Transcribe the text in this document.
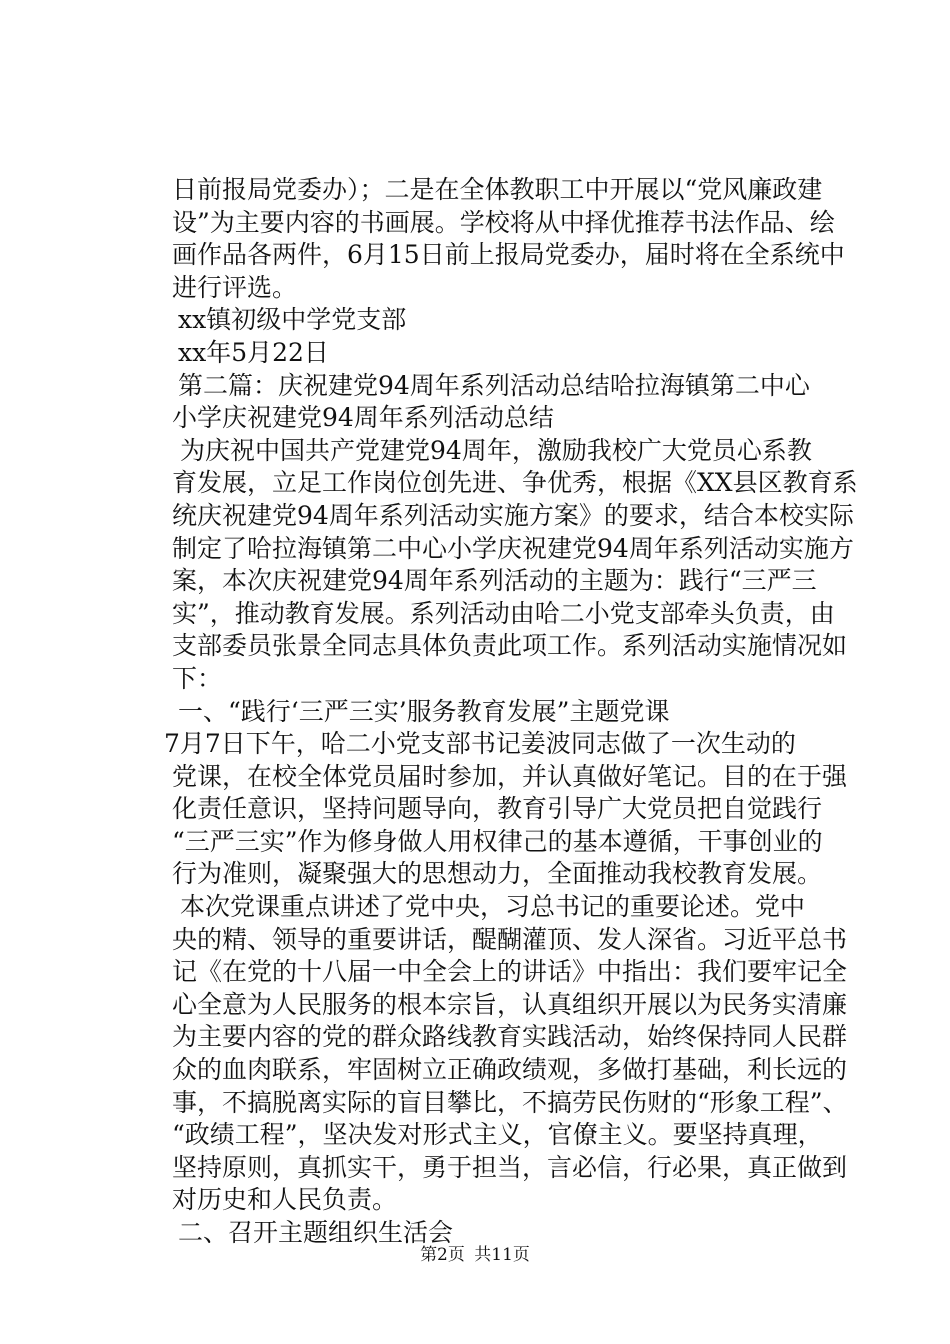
日前报局党委办）；二是在全体教职工中开展以“党风廉政建
设”为主要内容的书画展。学校将从中择优推荐书法作品、绘
画作品各两件，6月15日前上报局党委办，届时将在全系统中
进行评选。
xx镇初级中学党支部
xx年5月22日
第二篇：庆祝建党94周年系列活动总结哈拉海镇第二中心
小学庆祝建党94周年系列活动总结
为庆祝中国共产党建党94周年，激励我校广大党员心系教
育发展，立足工作岗位创先进、争优秀，根据《XX县区教育系
统庆祝建党94周年系列活动实施方案》的要求，结合本校实际
制定了哈拉海镇第二中心小学庆祝建党94周年系列活动实施方
案，本次庆祝建党94周年系列活动的主题为：践行“三严三
实”，推动教育发展。系列活动由哈二小党支部牵头负责，由
支部委员张景全同志具体负责此项工作。系列活动实施情况如
下：
一、“践行‘三严三实’服务教育发展”主题党课
7月7日下午，哈二小党支部书记姜波同志做了一次生动的
党课，在校全体党员届时参加，并认真做好笔记。目的在于强
化责任意识，坚持问题导向，教育引导广大党员把自觉践行
“三严三实”作为修身做人用权律己的基本遵循，干事创业的
行为准则，凝聚强大的思想动力，全面推动我校教育发展。
本次党课重点讲述了党中央，习总书记的重要论述。党中
央的精、领导的重要讲话，醍醐灌顶、发人深省。习近平总书
记《在党的十八届一中全会上的讲话》中指出：我们要牢记全
心全意为人民服务的根本宗旨，认真组织开展以为民务实清廉
为主要内容的党的群众路线教育实践活动，始终保持同人民群
众的血肉联系，牢固树立正确政绩观，多做打基础，利长远的
事，不搞脱离实际的盲目攀比，不搞劳民伤财的“形象工程”、
“政绩工程”，坚决发对形式主义，官僚主义。要坚持真理，
坚持原则，真抓实干，勇于担当，言必信，行必果，真正做到
对历史和人民负责。
二、召开主题组织生活会
第2页 共11页
